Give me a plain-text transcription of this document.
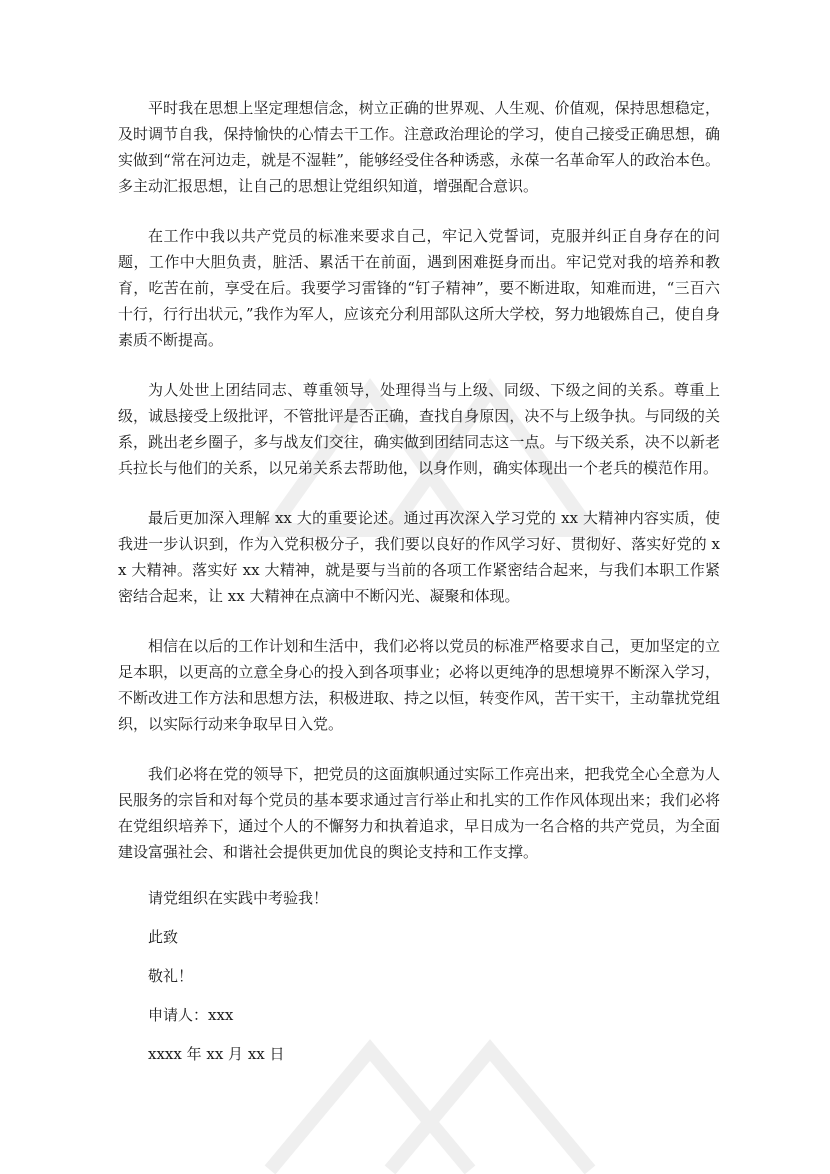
平时我在思想上坚定理想信念，树立正确的世界观、人生观、价值观，保持思想稳定，及时调节自我，保持愉快的心情去干工作。注意政治理论的学习，使自己接受正确思想，确实做到“常在河边走，就是不湿鞋”，能够经受住各种诱惑，永葆一名革命军人的政治本色。多主动汇报思想，让自己的思想让党组织知道，增强配合意识。

在工作中我以共产党员的标准来要求自己，牢记入党誓词，克服并纠正自身存在的问题，工作中大胆负责，脏活、累活干在前面，遇到困难挺身而出。牢记党对我的培养和教育，吃苦在前，享受在后。我要学习雷锋的“钉子精神”，要不断进取，知难而进，“三百六十行，行行出状元，”我作为军人，应该充分利用部队这所大学校，努力地锻炼自己，使自身素质不断提高。

为人处世上团结同志、尊重领导，处理得当与上级、同级、下级之间的关系。尊重上级，诚恳接受上级批评，不管批评是否正确，查找自身原因，决不与上级争执。与同级的关系，跳出老乡圈子，多与战友们交往，确实做到团结同志这一点。与下级关系，决不以新老兵拉长与他们的关系，以兄弟关系去帮助他，以身作则，确实体现出一个老兵的模范作用。

最后更加深入理解 xx 大的重要论述。通过再次深入学习党的 xx 大精神内容实质，使我进一步认识到，作为入党积极分子，我们要以良好的作风学习好、贯彻好、落实好党的 xx 大精神。落实好 xx 大精神，就是要与当前的各项工作紧密结合起来，与我们本职工作紧密结合起来，让 xx 大精神在点滴中不断闪光、凝聚和体现。

相信在以后的工作计划和生活中，我们必将以党员的标准严格要求自己，更加坚定的立足本职，以更高的立意全身心的投入到各项事业；必将以更纯净的思想境界不断深入学习，不断改进工作方法和思想方法，积极进取、持之以恒，转变作风，苦干实干，主动靠扰党组织，以实际行动来争取早日入党。

我们必将在党的领导下，把党员的这面旗帜通过实际工作亮出来，把我党全心全意为人民服务的宗旨和对每个党员的基本要求通过言行举止和扎实的工作作风体现出来；我们必将在党组织培养下，通过个人的不懈努力和执着追求，早日成为一名合格的共产党员，为全面建设富强社会、和谐社会提供更加优良的舆论支持和工作支撑。

请党组织在实践中考验我！

此致

敬礼！

申请人：xxx

xxxx 年 xx 月 xx 日
